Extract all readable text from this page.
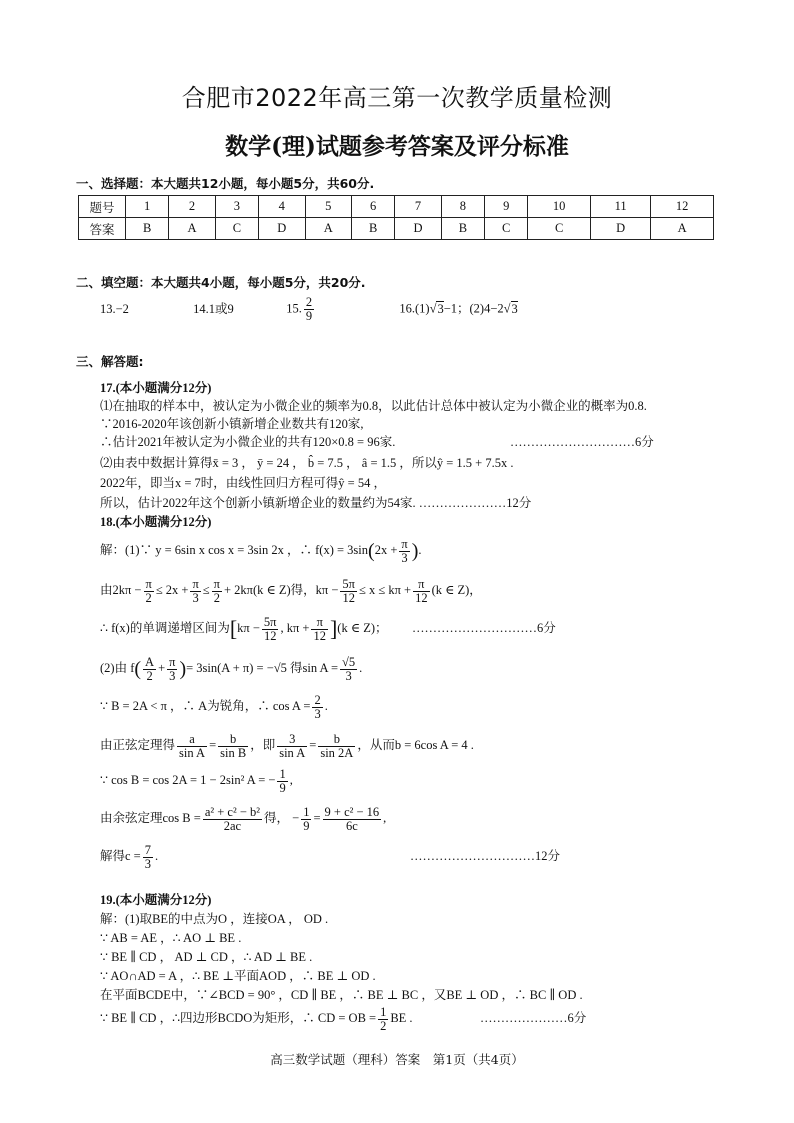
合肥市2022年高三第一次教学质量检测
数学(理)试题参考答案及评分标准
一、选择题：本大题共12小题，每小题5分，共60分.
题号	1	2	3	4	5	6	7	8	9	10	11	12
答案	B	A	C	D	A	B	D	B	C	C	D	A
二、填空题：本大题共4小题，每小题5分，共20分.
13.−2	14.1或9	15. $\frac{2}{9}$	16.(1)√3−1；(2)4−2√3
三、解答题:
17.(本小题满分12分)
⑴在抽取的样本中，被认定为小微企业的频率为0.8，以此估计总体中被认定为小微企业的概率为0.8.
∵2016-2020年该创新小镇新增企业数共有120家,
∴估计2021年被认定为小微企业的共有120×0.8 = 96家.	…………………………6分
⑵由表中数据计算得x̄ = 3 ， ȳ = 24 ， b̂ = 7.5 ， â = 1.5 ，所以ŷ = 1.5 + 7.5x .
2022年，即当x = 7时，由线性回归方程可得ŷ = 54 ，
所以，估计2022年这个创新小镇新增企业的数量约为54家. …………………12分
18.(本小题满分12分)
解：(1)∵ y = 6sin x cos x = 3sin 2x ，∴ $f(x) = 3\sin(2x + \frac{\pi}{3}$ ).
由$2k\pi - \frac{\pi}{2} \le 2x + \frac{\pi}{3} \le \frac{\pi}{2} + 2k\pi(k$ ∈ Z)得，$k\pi - \frac{5\pi}{12} \le x \le k\pi + \frac{\pi}{12} (k$ ∈ Z)，
∴ f(x)的单调递增区间为[$k\pi - \frac{5\pi}{12}$ , $k\pi + \frac{\pi}{12} ](k$ ∈ Z)； …………………………6分
(2)由 $f( \frac{A}{2} + \frac{\pi}{3}$ )= 3sin(A + π) = −√5 得$\sin A = \frac{√5}{3}$ .
∵ B = 2A < π ，∴ A为锐角，∴ $\cos A = \frac{2}{3}$ .
由正弦定理得 $\frac{a}{\text{sin A}} = \frac{b}{\text{sin B}}$ ，即 $\frac{3}{\text{sin A}} = \frac{b}{\sin 2A}$ ，从而b = 6cos A = 4 .
∵ cos B = cos 2A = 1 − 2sin² A = − $\frac{1}{9}$ ,
由余弦定理$\cos B = \frac{\text{a² + c² − b²}}{2ac}$ 得， − $\frac{1}{9} = \frac{\text{9 + c² − 16}}{6c}$ ,
解得$c = \frac{7}{3}$ .	…………………………12分
19.(本小题满分12分)
解：(1)取BE的中点为O ，连接OA ， OD .
∵ AB = AE ，∴ AO ⊥ BE .
∵ BE ∥ CD ， AD ⊥ CD ，∴ AD ⊥ BE .
∵ AO∩AD = A ，∴ BE ⊥平面AOD ，∴ BE ⊥ OD .
在平面BCDE中，∵∠BCD = 90° ，CD ∥ BE ，∴ BE ⊥ BC ，又BE ⊥ OD ，∴ BC ∥ OD .
∵ BE ∥ CD ，∴四边形BCDO为矩形，∴ CD = OB = $\frac{1}{2}$ BE .	…………………6分
高三数学试题（理科）答案　第1页（共4页）
